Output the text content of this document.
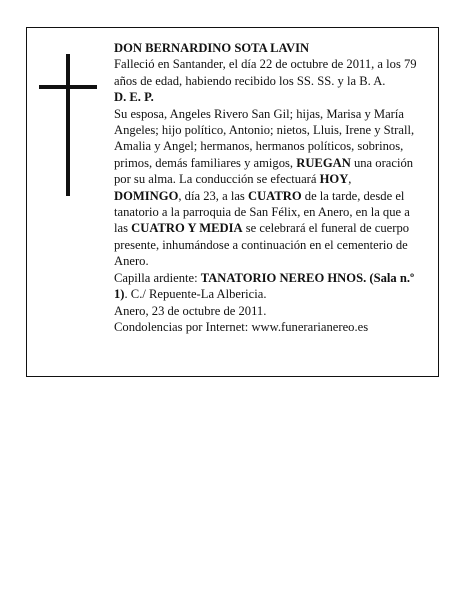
DON BERNARDINO SOTA LAVIN

Falleció en Santander, el día 22 de octubre de 2011, a los 79 años de edad, habiendo recibido los SS. SS. y la B. A.

D. E. P.

Su esposa, Angeles Rivero San Gil; hijas, Marisa y María Angeles; hijo político, Antonio; nietos, Lluis, Irene y Strall, Amalia y Angel; hermanos, hermanos políticos, sobrinos, primos, demás familiares y amigos, RUEGAN una oración por su alma. La conducción se efectuará HOY, DOMINGO, día 23, a las CUATRO de la tarde, desde el tanatorio a la parroquia de San Félix, en Anero, en la que a las CUATRO Y MEDIA se celebrará el funeral de cuerpo presente, inhumándose a continuación en el cementerio de Anero.

Capilla ardiente: TANATORIO NEREO HNOS. (Sala n.º 1). C./ Repuente-La Albericia.

Anero, 23 de octubre de 2011.

Condolencias por Internet: www.funerarianereo.es
